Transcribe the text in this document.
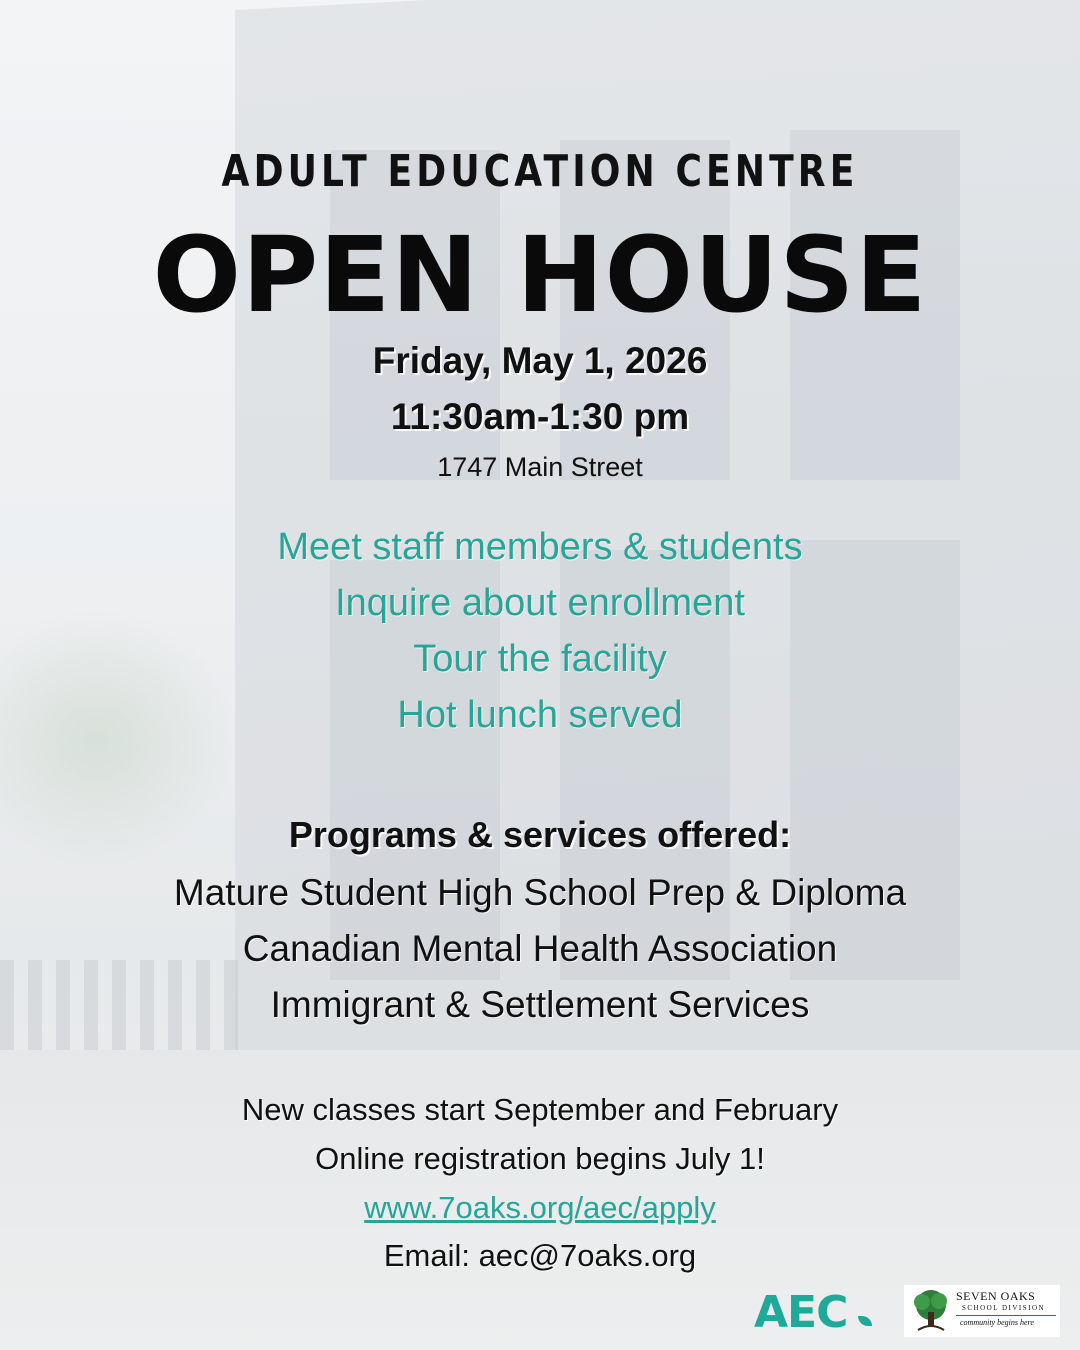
ADULT EDUCATION CENTRE
OPEN HOUSE
Friday, May 1, 2026
11:30am-1:30 pm
1747 Main Street
Meet staff members & students
Inquire about enrollment
Tour the facility
Hot lunch served
Programs & services offered:
Mature Student High School Prep & Diploma
Canadian Mental Health Association
Immigrant & Settlement Services
New classes start September and February
Online registration begins July 1!
www.7oaks.org/aec/apply
Email: aec@7oaks.org
AEC	SEVEN OAKS
SCHOOL DIVISION
community begins here
